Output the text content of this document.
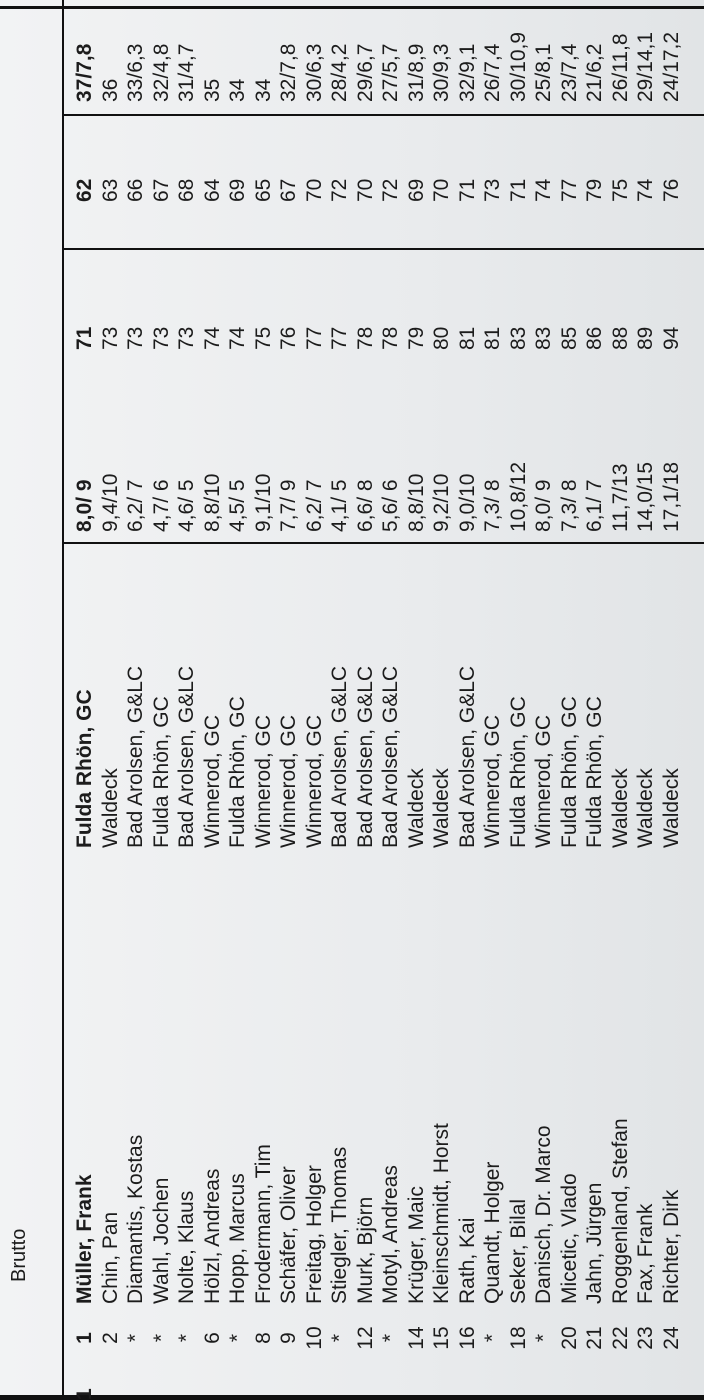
Brutto
1
1
Müller, Frank
Fulda Rhön, GC
8,0/ 9
71
62
37/7,8
2
Chin, Pan
Waldeck
9,4/10
73
63
36
*
Diamantis, Kostas
Bad Arolsen, G&LC
6,2/ 7
73
66
33/6,3
*
Wahl, Jochen
Fulda Rhön, GC
4,7/ 6
73
67
32/4,8
*
Nolte, Klaus
Bad Arolsen, G&LC
4,6/ 5
73
68
31/4,7
6
Hölzl, Andreas
Winnerod, GC
8,8/10
74
64
35
*
Hopp, Marcus
Fulda Rhön, GC
4,5/ 5
74
69
34
8
Frodermann, Tim
Winnerod, GC
9,1/10
75
65
34
9
Schäfer, Oliver
Winnerod, GC
7,7/ 9
76
67
32/7,8
10
Freitag, Holger
Winnerod, GC
6,2/ 7
77
70
30/6,3
*
Stiegler, Thomas
Bad Arolsen, G&LC
4,1/ 5
77
72
28/4,2
12
Murk, Björn
Bad Arolsen, G&LC
6,6/ 8
78
70
29/6,7
*
Motyl, Andreas
Bad Arolsen, G&LC
5,6/ 6
78
72
27/5,7
14
Krüger, Maic
Waldeck
8,8/10
79
69
31/8,9
15
Kleinschmidt, Horst
Waldeck
9,2/10
80
70
30/9,3
16
Rath, Kai
Bad Arolsen, G&LC
9,0/10
81
71
32/9,1
*
Quandt, Holger
Winnerod, GC
7,3/ 8
81
73
26/7,4
18
Seker, Bilal
Fulda Rhön, GC
10,8/12
83
71
30/10,9
*
Danisch, Dr. Marco
Winnerod, GC
8,0/ 9
83
74
25/8,1
20
Micetic, Vlado
Fulda Rhön, GC
7,3/ 8
85
77
23/7,4
21
Jahn, Jürgen
Fulda Rhön, GC
6,1/ 7
86
79
21/6,2
22
Roggenland, Stefan
Waldeck
11,7/13
88
75
26/11,8
23
Fax, Frank
Waldeck
14,0/15
89
74
29/14,1
24
Richter, Dirk
Waldeck
17,1/18
94
76
24/17,2
